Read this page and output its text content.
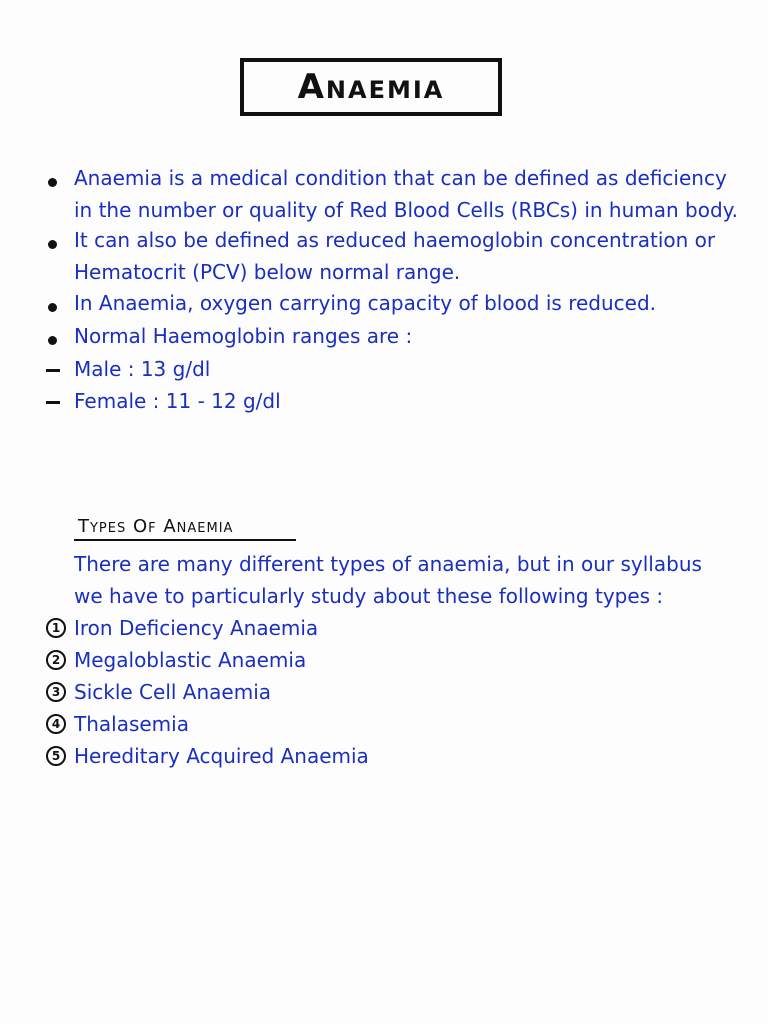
Anaemia
Anaemia is a medical condition that can be defined as deficiency
in the number or quality of Red Blood Cells (RBCs) in human body.
It can also be defined as reduced haemoglobin concentration or
Hematocrit (PCV) below normal range.
In Anaemia, oxygen carrying capacity of blood is reduced.
Normal Haemoglobin ranges are :
Male : 13 g/dl
Female : 11 - 12 g/dl
Types Of Anaemia
There are many different types of anaemia, but in our syllabus
we have to particularly study about these following types :
1 Iron Deficiency Anaemia
2 Megaloblastic Anaemia
3 Sickle Cell Anaemia
4 Thalasemia
5 Hereditary Acquired Anaemia
